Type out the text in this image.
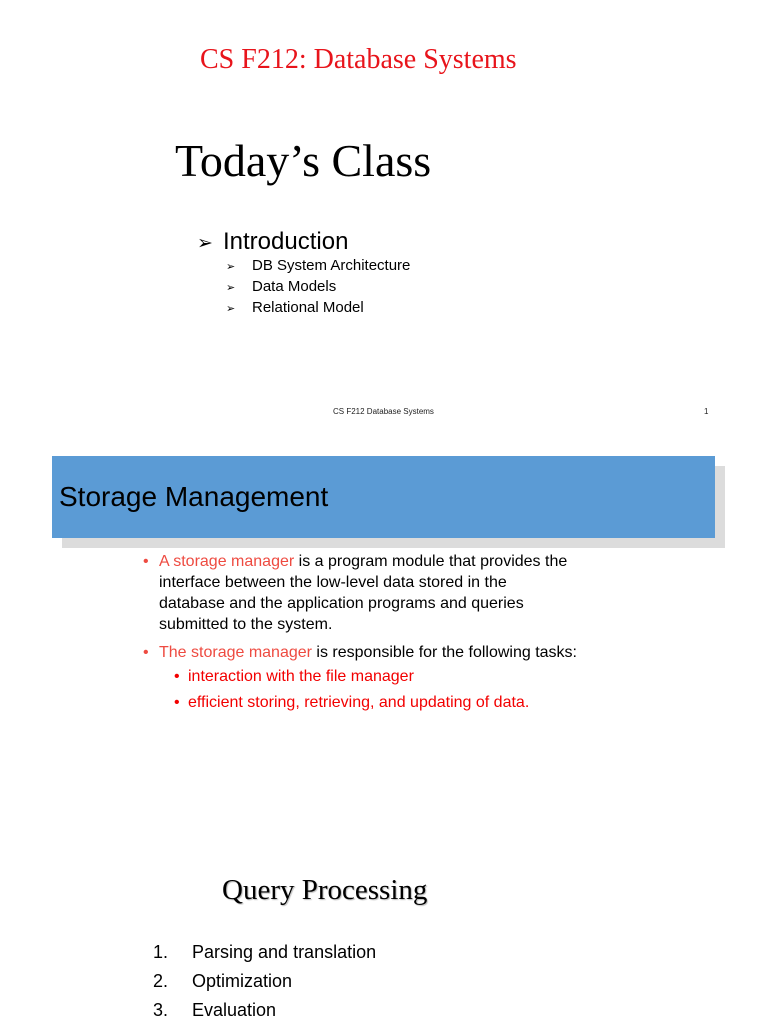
CS F212: Database Systems
Today’s Class
➢ Introduction
➢ DB System Architecture
➢ Data Models
➢ Relational Model
CS F212 Database Systems	1
Storage Management
• A storage manager is a program module that provides the
interface between the low-level data stored in the
database and the application programs and queries
submitted to the system.
• The storage manager is responsible for the following tasks:
• interaction with the file manager
• efficient storing, retrieving, and updating of data.
Query Processing
1. Parsing and translation
2. Optimization
3. Evaluation
